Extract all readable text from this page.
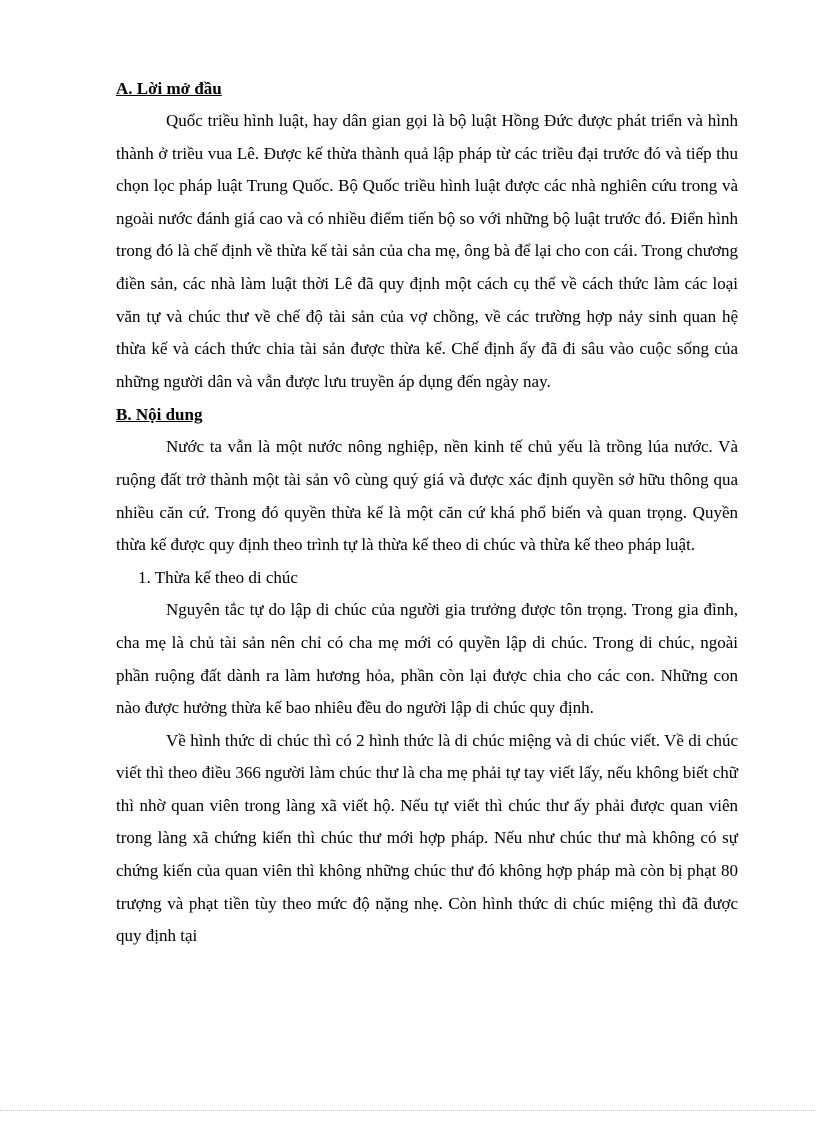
A. Lời mở đầu

Quốc triều hình luật, hay dân gian gọi là bộ luật Hồng Đức được phát triển và hình thành ở triều vua Lê. Được kế thừa thành quả lập pháp từ các triều đại trước đó và tiếp thu chọn lọc pháp luật Trung Quốc. Bộ Quốc triều hình luật được các nhà nghiên cứu trong và ngoài nước đánh giá cao và có nhiều điểm tiến bộ so với những bộ luật trước đó. Điển hình trong đó là chế định về thừa kế tài sản của cha mẹ, ông bà để lại cho con cái. Trong chương điền sản, các nhà làm luật thời Lê đã quy định một cách cụ thể về cách thức làm các loại văn tự và chúc thư về chế độ tài sản của vợ chồng, về các trường hợp nảy sinh quan hệ thừa kế và cách thức chia tài sản được thừa kế. Chế định ấy đã đi sâu vào cuộc sống của những người dân và vẫn được lưu truyền áp dụng đến ngày nay.

B. Nội dung

Nước ta vẫn là một nước nông nghiệp, nền kinh tế chủ yếu là trồng lúa nước. Và ruộng đất trở thành một tài sản vô cùng quý giá và được xác định quyền sở hữu thông qua nhiều căn cứ. Trong đó quyền thừa kế là một căn cứ khá phổ biến và quan trọng. Quyền thừa kế được quy định theo trình tự là thừa kế theo di chúc và thừa kế theo pháp luật.

1. Thừa kế theo di chúc

Nguyên tắc tự do lập di chúc của người gia trưởng được tôn trọng. Trong gia đình, cha mẹ là chủ tài sản nên chỉ có cha mẹ mới có quyền lập di chúc. Trong di chúc, ngoài phần ruộng đất dành ra làm hương hỏa, phần còn lại được chia cho các con. Những con nào được hưởng thừa kế bao nhiêu đều do người lập di chúc quy định.

Về hình thức di chúc thì có 2 hình thức là di chúc miệng và di chúc viết. Về di chúc viết thì theo điều 366 người làm chúc thư là cha mẹ phải tự tay viết lấy, nếu không biết chữ thì nhờ quan viên trong làng xã viết hộ. Nếu tự viết thì chúc thư ấy phải được quan viên trong làng xã chứng kiến thì chúc thư mới hợp pháp. Nếu như chúc thư mà không có sự chứng kiến của quan viên thì không những chúc thư đó không hợp pháp mà còn bị phạt 80 trượng và phạt tiền tùy theo mức độ nặng nhẹ. Còn hình thức di chúc miệng thì đã được quy định tại
